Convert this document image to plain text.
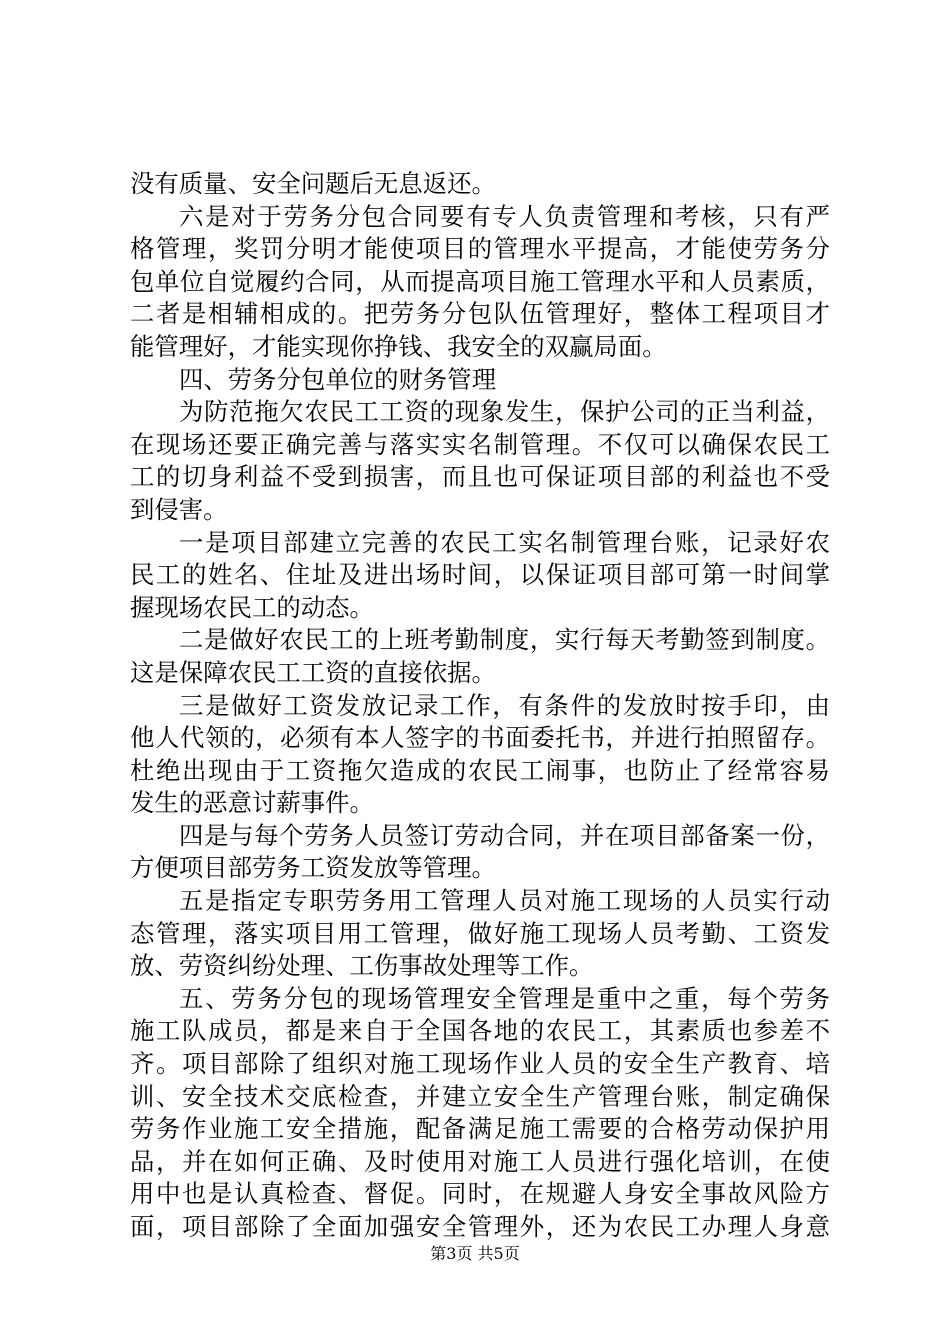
没有质量、安全问题后无息返还。

六是对于劳务分包合同要有专人负责管理和考核，只有严

格管理，奖罚分明才能使项目的管理水平提高，才能使劳务分

包单位自觉履约合同，从而提高项目施工管理水平和人员素质，

二者是相辅相成的。把劳务分包队伍管理好，整体工程项目才

能管理好，才能实现你挣钱、我安全的双赢局面。

四、劳务分包单位的财务管理

为防范拖欠农民工工资的现象发生，保护公司的正当利益，

在现场还要正确完善与落实实名制管理。不仅可以确保农民工

工的切身利益不受到损害，而且也可保证项目部的利益也不受

到侵害。

一是项目部建立完善的农民工实名制管理台账，记录好农

民工的姓名、住址及进出场时间，以保证项目部可第一时间掌

握现场农民工的动态。

二是做好农民工的上班考勤制度，实行每天考勤签到制度。

这是保障农民工工资的直接依据。

三是做好工资发放记录工作，有条件的发放时按手印，由

他人代领的，必须有本人签字的书面委托书，并进行拍照留存。

杜绝出现由于工资拖欠造成的农民工闹事，也防止了经常容易

发生的恶意讨薪事件。

四是与每个劳务人员签订劳动合同，并在项目部备案一份，

方便项目部劳务工资发放等管理。

五是指定专职劳务用工管理人员对施工现场的人员实行动

态管理，落实项目用工管理，做好施工现场人员考勤、工资发

放、劳资纠纷处理、工伤事故处理等工作。

五、劳务分包的现场管理安全管理是重中之重，每个劳务

施工队成员，都是来自于全国各地的农民工，其素质也参差不

齐。项目部除了组织对施工现场作业人员的安全生产教育、培

训、安全技术交底检查，并建立安全生产管理台账，制定确保

劳务作业施工安全措施，配备满足施工需要的合格劳动保护用

品，并在如何正确、及时使用对施工人员进行强化培训，在使

用中也是认真检查、督促。同时，在规避人身安全事故风险方

面，项目部除了全面加强安全管理外，还为农民工办理人身意

第3页 共5页
